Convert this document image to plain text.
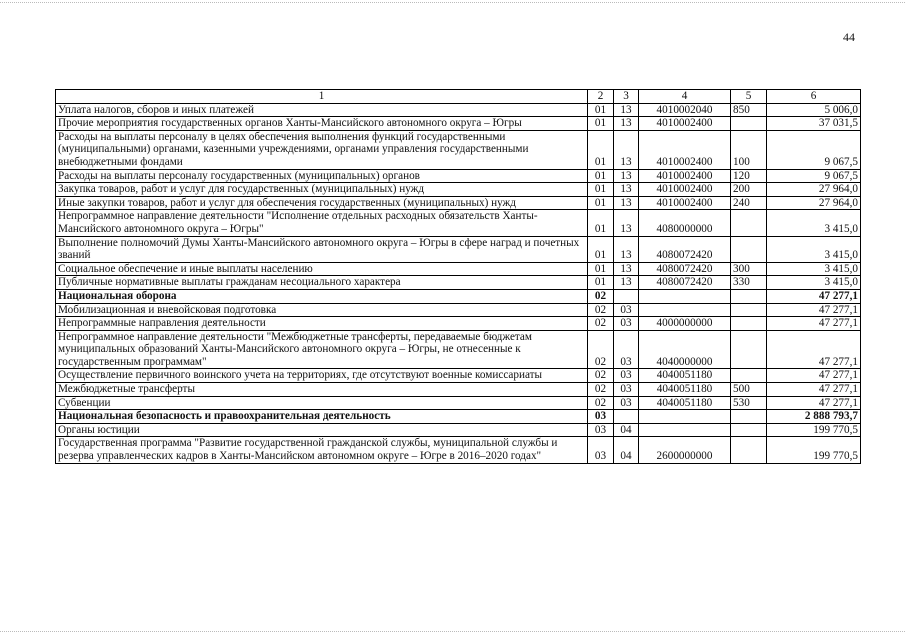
44
1	2	3	4	5	6
Уплата налогов, сборов и иных платежей	01	13	4010002040	850	5 006,0
Прочие мероприятия государственных органов Ханты-Мансийского автономного округа – Югры	01	13	4010002400		37 031,5
Расходы на выплаты персоналу в целях обеспечения выполнения функций государственными (муниципальными) органами, казенными учреждениями, органами управления государственными внебюджетными фондами	01	13	4010002400	100	9 067,5
Расходы на выплаты персоналу государственных (муниципальных) органов	01	13	4010002400	120	9 067,5
Закупка товаров, работ и услуг для государственных (муниципальных) нужд	01	13	4010002400	200	27 964,0
Иные закупки товаров, работ и услуг для обеспечения государственных (муниципальных) нужд	01	13	4010002400	240	27 964,0
Непрограммное направление деятельности "Исполнение отдельных расходных обязательств Ханты-Мансийского автономного округа – Югры"	01	13	4080000000		3 415,0
Выполнение полномочий Думы Ханты-Мансийского автономного округа – Югры в сфере наград и почетных званий	01	13	4080072420		3 415,0
Социальное обеспечение и иные выплаты населению	01	13	4080072420	300	3 415,0
Публичные нормативные выплаты гражданам несоциального характера	01	13	4080072420	330	3 415,0
Национальная оборона	02				47 277,1
Мобилизационная и вневойсковая подготовка	02	03			47 277,1
Непрограммные направления деятельности	02	03	4000000000		47 277,1
Непрограммное направление деятельности "Межбюджетные трансферты, передаваемые бюджетам муниципальных образований Ханты-Мансийского автономного округа – Югры, не отнесенные к государственным программам"	02	03	4040000000		47 277,1
Осуществление первичного воинского учета на территориях, где отсутствуют военные комиссариаты	02	03	4040051180		47 277,1
Межбюджетные трансферты	02	03	4040051180	500	47 277,1
Субвенции	02	03	4040051180	530	47 277,1
Национальная безопасность и правоохранительная деятельность	03				2 888 793,7
Органы юстиции	03	04			199 770,5
Государственная программа "Развитие государственной гражданской службы, муниципальной службы и резерва управленческих кадров в Ханты-Мансийском автономном округе – Югре в 2016–2020 годах"	03	04	2600000000		199 770,5
